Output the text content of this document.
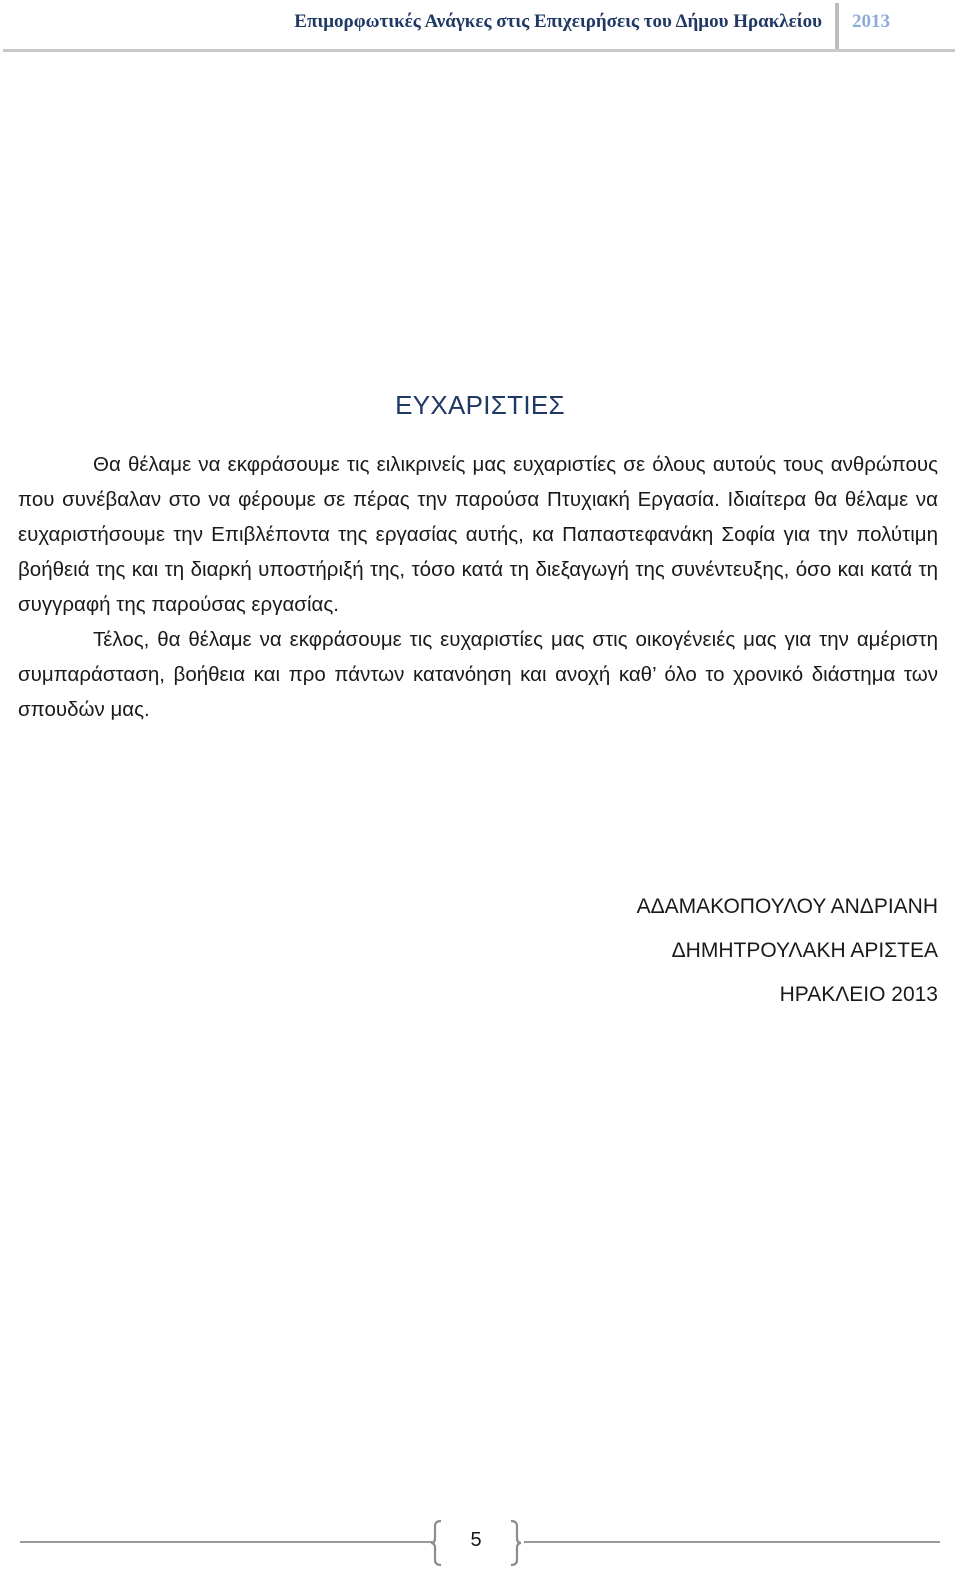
Επιμορφωτικές Ανάγκες στις Επιχειρήσεις του Δήμου Ηρακλείου 2013
ΕΥΧΑΡΙΣΤΙΕΣ

Θα θέλαμε να εκφράσουμε τις ειλικρινείς μας ευχαριστίες σε όλους αυτούς τους ανθρώπους που συνέβαλαν στο να φέρουμε σε πέρας την παρούσα Πτυχιακή Εργασία. Ιδιαίτερα θα θέλαμε να ευχαριστήσουμε την Επιβλέποντα της εργασίας αυτής, κα Παπαστεφανάκη Σοφία για την πολύτιμη βοήθειά της και τη διαρκή υποστήριξή της, τόσο κατά τη διεξαγωγή της συνέντευξης, όσο και κατά τη συγγραφή της παρούσας εργασίας.

Τέλος, θα θέλαμε να εκφράσουμε τις ευχαριστίες μας στις οικογένειές μας για την αμέριστη συμπαράσταση, βοήθεια και προ πάντων κατανόηση και ανοχή καθ’ όλο το χρονικό διάστημα των σπουδών μας.

ΑΔΑΜΑΚΟΠΟΥΛΟΥ ΑΝΔΡΙΑΝΗ
ΔΗΜΗΤΡΟΥΛΑΚΗ ΑΡΙΣΤΕΑ
ΗΡΑΚΛΕΙΟ 2013
5
